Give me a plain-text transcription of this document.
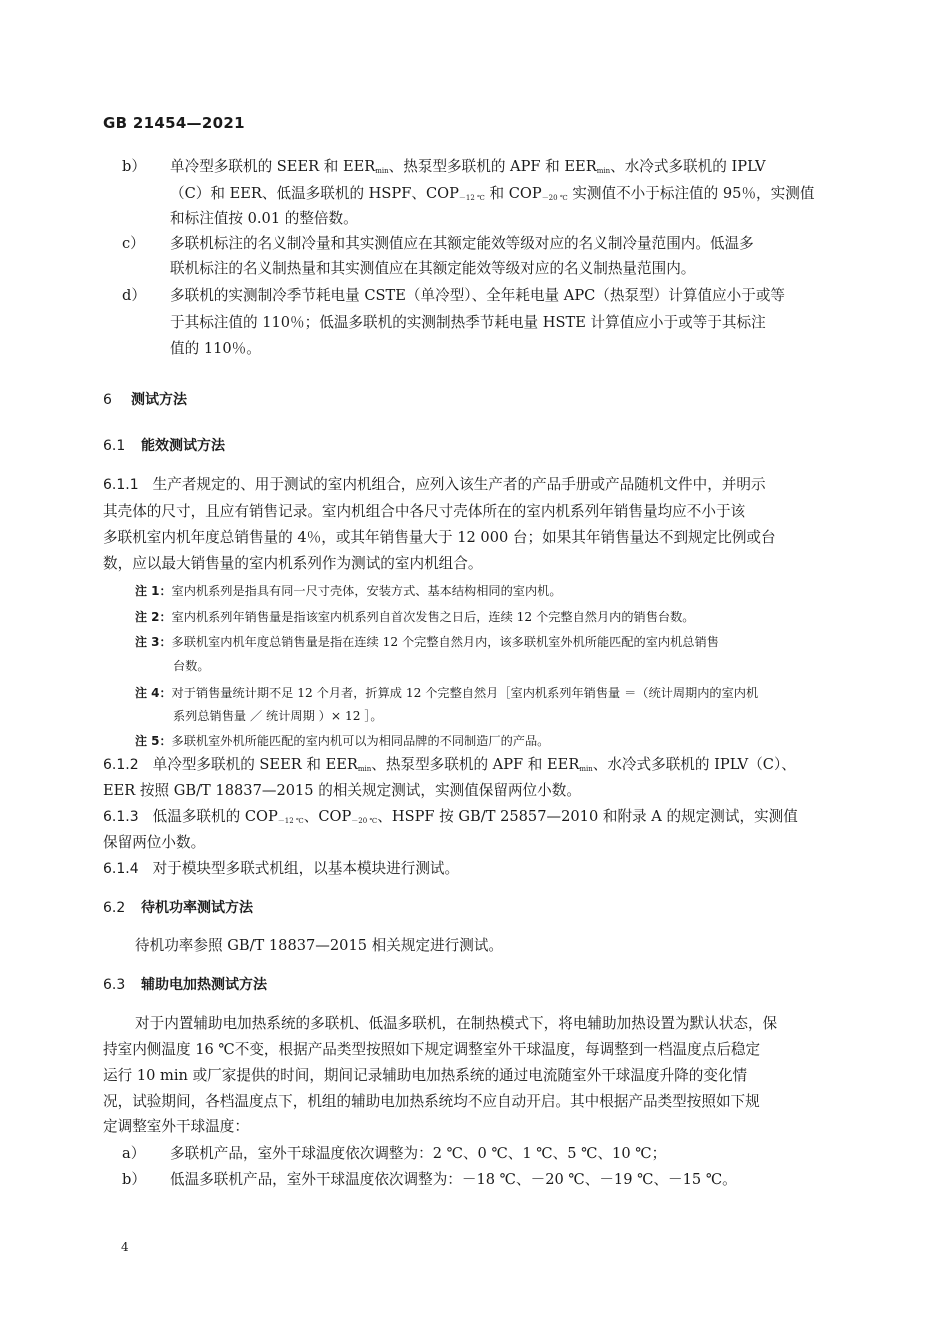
GB 21454—2021
b） 单冷型多联机的 SEER 和 $EER_{min}$、热泵型多联机的 APF 和 $EER_{min}$、水冷式多联机的 IPLV
（C）和 EER、低温多联机的 HSPF、$COP_{-12 ℃}$ 和 $COP_{-20 ℃}$ 实测值不小于标注值的 95％，实测值
和标注值按 0.01 的整倍数。
c） 多联机标注的名义制冷量和其实测值应在其额定能效等级对应的名义制冷量范围内。低温多
联机标注的名义制热量和其实测值应在其额定能效等级对应的名义制热量范围内。
d） 多联机的实测制冷季节耗电量 CSTE（单冷型）、全年耗电量 APC（热泵型）计算值应小于或等
于其标注值的 110％；低温多联机的实测制热季节耗电量 HSTE 计算值应小于或等于其标注
值的 110％。
6 测试方法
6.1 能效测试方法
6.1.1 生产者规定的、用于测试的室内机组合，应列入该生产者的产品手册或产品随机文件中，并明示
其壳体的尺寸，且应有销售记录。室内机组合中各尺寸壳体所在的室内机系列年销售量均应不小于该
多联机室内机年度总销售量的 4％，或其年销售量大于 12 000 台；如果其年销售量达不到规定比例或台
数，应以最大销售量的室内机系列作为测试的室内机组合。
注 1：室内机系列是指具有同一尺寸壳体，安装方式、基本结构相同的室内机。
注 2：室内机系列年销售量是指该室内机系列自首次发售之日后，连续 12 个完整自然月内的销售台数。
注 3：多联机室内机年度总销售量是指在连续 12 个完整自然月内，该多联机室外机所能匹配的室内机总销售
台数。
注 4：对于销售量统计期不足 12 个月者，折算成 12 个完整自然月［室内机系列年销售量 ＝（统计周期内的室内机
系列总销售量 ／ 统计周期 ）× 12 ］。
注 5：多联机室外机所能匹配的室内机可以为相同品牌的不同制造厂的产品。
6.1.2 单冷型多联机的 SEER 和 $EER_{min}$、热泵型多联机的 APF 和 $EER_{min}$、水冷式多联机的 IPLV（C）、
EER 按照 GB/T 18837—2015 的相关规定测试，实测值保留两位小数。
6.1.3 低温多联机的 $COP_{-12 ℃}$、$COP_{-20 ℃}$、HSPF 按 GB/T 25857—2010 和附录 A 的规定测试，实测值
保留两位小数。
6.1.4 对于模块型多联式机组，以基本模块进行测试。
6.2 待机功率测试方法
待机功率参照 GB/T 18837—2015 相关规定进行测试。
6.3 辅助电加热测试方法
对于内置辅助电加热系统的多联机、低温多联机，在制热模式下，将电辅助加热设置为默认状态，保
持室内侧温度 16 ℃不变，根据产品类型按照如下规定调整室外干球温度，每调整到一档温度点后稳定
运行 10 min 或厂家提供的时间，期间记录辅助电加热系统的通过电流随室外干球温度升降的变化情
况，试验期间，各档温度点下，机组的辅助电加热系统均不应自动开启。其中根据产品类型按照如下规
定调整室外干球温度：
a） 多联机产品，室外干球温度依次调整为：2 ℃、0 ℃、1 ℃、5 ℃、10 ℃；
b） 低温多联机产品，室外干球温度依次调整为：－18 ℃、－20 ℃、－19 ℃、－15 ℃。
4
